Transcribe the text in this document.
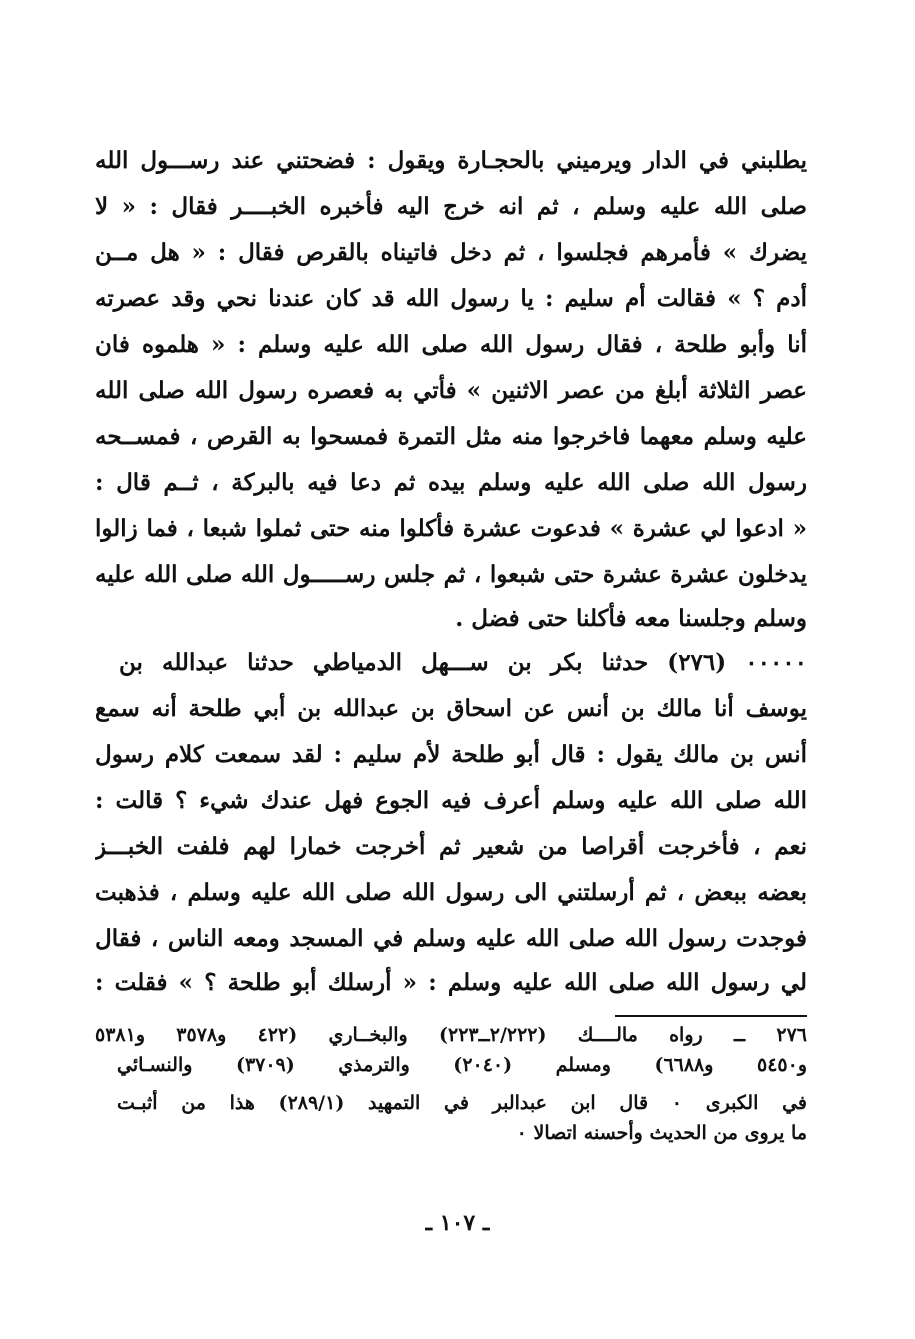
يطلبني في الدار ويرميني بالحجـارة ويقول : فضحتني عند رســـول الله
صلى الله عليه وسلم ، ثم انه خرج اليه فأخبره الخبــــر فقال : « لا
يضرك » فأمرهم فجلسوا ، ثم دخل فاتيناه بالقرص فقال : « هل مــن
أدم ؟ » فقالت أم سليم : يا رسول الله قد كان عندنا نحي وقد عصرته
أنا وأبو طلحة ، فقال رسول الله صلى الله عليه وسلم : « هلموه فان
عصر الثلاثة أبلغ من عصر الاثنين » فأتي به فعصره رسول الله صلى الله
عليه وسلم معهما فاخرجوا منه مثل التمرة فمسحوا به القرص ، فمســحه
رسول الله صلى الله عليه وسلم بيده ثم دعا فيه بالبركة ، ثــم قال :
« ادعوا لي عشرة » فدعوت عشرة فأكلوا منه حتى ثملوا شبعا ، فما زالوا
يدخلون عشرة عشرة حتى شبعوا ، ثم جلس رســـــول الله صلى الله عليه
وسلم وجلسنا معه فأكلنا حتى فضل .
٠٠٠٠٠ (٢٧٦) حدثنا بكر بن ســـهل الدمياطي حدثنا عبدالله بن
يوسف أنا مالك بن أنس عن اسحاق بن عبدالله بن أبي طلحة أنه سمع
أنس بن مالك يقول : قال أبو طلحة لأم سليم : لقد سمعت كلام رسول
الله صلى الله عليه وسلم أعرف فيه الجوع فهل عندك شيء ؟ قالت :
نعم ، فأخرجت أقراصا من شعير ثم أخرجت خمارا لهم فلفت الخبـــز
بعضه ببعض ، ثم أرسلتني الى رسول الله صلى الله عليه وسلم ، فذهبت
فوجدت رسول الله صلى الله عليه وسلم في المسجد ومعه الناس ، فقال
لي رسول الله صلى الله عليه وسلم : « أرسلك أبو طلحة ؟ » فقلت :
٢٧٦ ــ رواه مالــــك (٢/٢٢٢ــ٢٢٣) والبخــاري (٤٢٢ و٣٥٧٨ و٥٣٨١
و٥٤٥٠ و٦٦٨٨) ومسلم (٢٠٤٠) والترمذي (٣٧٠٩) والنسـائي
في الكبرى ٠ قال ابن عبدالبر في التمهيد (٢٨٩/١) هذا من أثبـت
ما يروى من الحديث وأحسنه اتصالا ٠
ـ ١٠٧ ـ
